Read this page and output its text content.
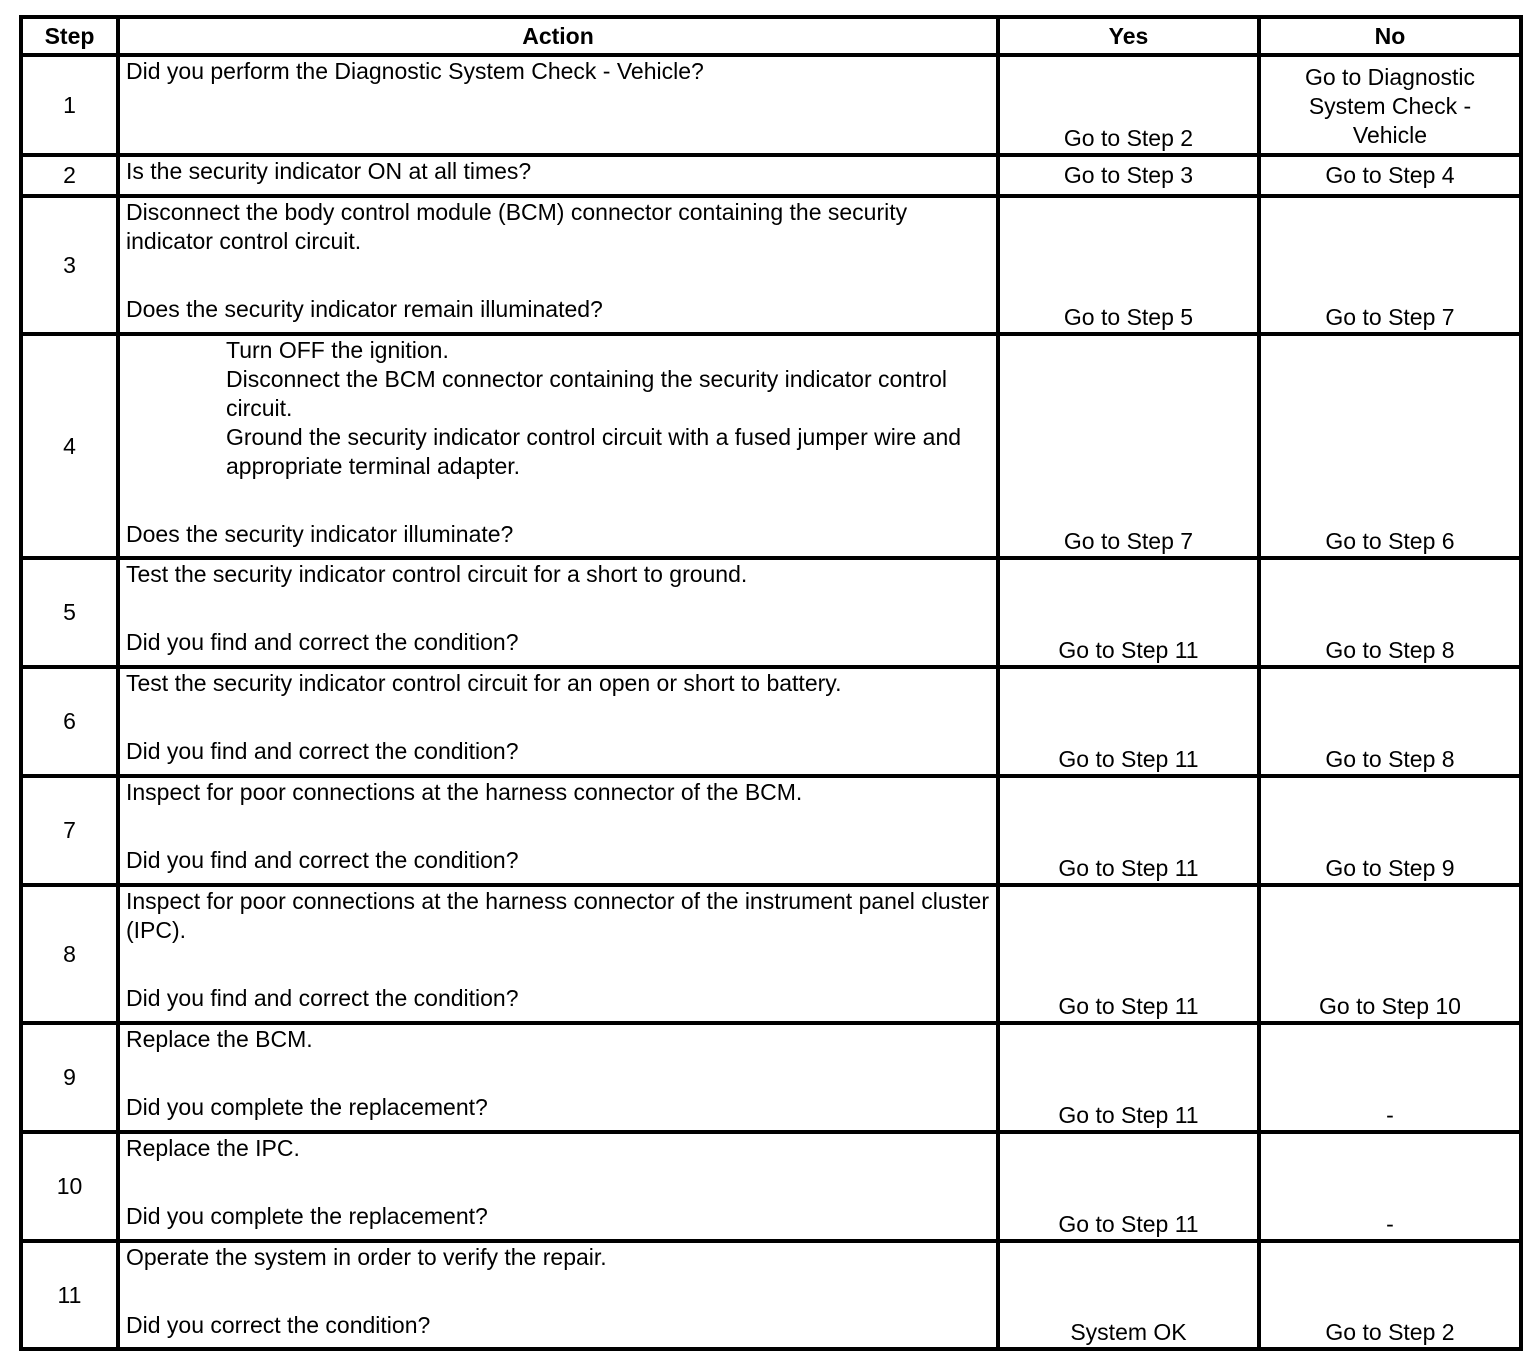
Step	Action	Yes	No
1	Did you perform the Diagnostic System Check - Vehicle?	Go to Step 2	Go to Diagnostic System Check - Vehicle
2	Is the security indicator ON at all times?	Go to Step 3	Go to Step 4
3	Disconnect the body control module (BCM) connector containing the security indicator control circuit.
Does the security indicator remain illuminated?	Go to Step 5	Go to Step 7
4	Turn OFF the ignition.
Disconnect the BCM connector containing the security indicator control circuit.
Ground the security indicator control circuit with a fused jumper wire and appropriate terminal adapter.
Does the security indicator illuminate?	Go to Step 7	Go to Step 6
5	Test the security indicator control circuit for a short to ground.
Did you find and correct the condition?	Go to Step 11	Go to Step 8
6	Test the security indicator control circuit for an open or short to battery.
Did you find and correct the condition?	Go to Step 11	Go to Step 8
7	Inspect for poor connections at the harness connector of the BCM.
Did you find and correct the condition?	Go to Step 11	Go to Step 9
8	Inspect for poor connections at the harness connector of the instrument panel cluster (IPC).
Did you find and correct the condition?	Go to Step 11	Go to Step 10
9	Replace the BCM.
Did you complete the replacement?	Go to Step 11	-
10	Replace the IPC.
Did you complete the replacement?	Go to Step 11	-
11	Operate the system in order to verify the repair.
Did you correct the condition?	System OK	Go to Step 2
